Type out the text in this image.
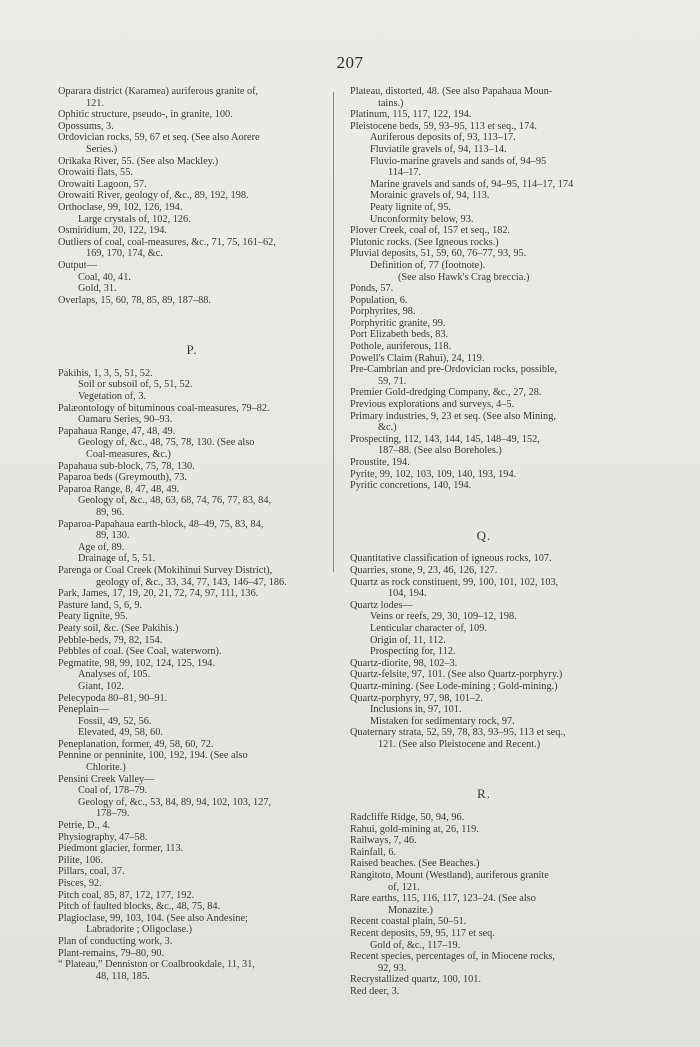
207
Oparara district (Karamea) auriferous granite of,
121.
Ophitic structure, pseudo-, in granite, 100.
Opossums, 3.
Ordovician rocks, 59, 67 et seq. (See also Aorere
Series.)
Orikaka River, 55. (See also Mackley.)
Orowaiti flats, 55.
Orowaiti Lagoon, 57.
Orowaiti River, geology of, &c., 89, 192, 198.
Orthoclase, 99, 102, 126, 194.
Large crystals of, 102, 126.
Osmiridium, 20, 122, 194.
Outliers of coal, coal-measures, &c., 71, 75, 161–62,
169, 170, 174, &c.
Output—
Coal, 40, 41.
Gold, 31.
Overlaps, 15, 60, 78, 85, 89, 187–88.
P.
Pakihis, 1, 3, 5, 51, 52.
Soil or subsoil of, 5, 51, 52.
Vegetation of, 3.
Palæontology of bituminous coal-measures, 79–82.
Oamaru Series, 90–93.
Papahaua Range, 47, 48, 49.
Geology of, &c., 48, 75, 78, 130. (See also
Coal-measures, &c.)
Papahaua sub-block, 75, 78, 130.
Paparoa beds (Greymouth), 73.
Paparoa Range, 8, 47, 48, 49.
Geology of, &c., 48, 63, 68, 74, 76, 77, 83, 84,
89, 96.
Paparoa-Papahaua earth-block, 48–49, 75, 83, 84,
89, 130.
Age of, 89.
Drainage of, 5, 51.
Parenga or Coal Creek (Mokihinui Survey District),
geology of, &c., 33, 34, 77, 143, 146–47, 186.
Park, James, 17, 19, 20, 21, 72, 74, 97, 111, 136.
Pasture land, 5, 6, 9.
Peaty lignite, 95.
Peaty soil, &c. (See Pakihis.)
Pebble-beds, 79, 82, 154.
Pebbles of coal. (See Coal, waterworn).
Pegmatite, 98, 99, 102, 124, 125, 194.
Analyses of, 105.
Giant, 102.
Pelecypoda 80–81, 90–91.
Peneplain—
Fossil, 49, 52, 56.
Elevated, 49, 58, 60.
Peneplanation, former, 49, 58, 60, 72.
Pennine or penninite, 100, 192, 194. (See also
Chlorite.)
Pensini Creek Valley—
Coal of, 178–79.
Geology of, &c., 53, 84, 89, 94, 102, 103, 127,
178–79.
Petrie, D., 4.
Physiography, 47–58.
Piedmont glacier, former, 113.
Pilite, 106.
Pillars, coal, 37.
Pisces, 92.
Pitch coal, 85, 87, 172, 177, 192.
Pitch of faulted blocks, &c., 48, 75, 84.
Plagioclase, 99, 103, 104. (See also Andesine;
Labradorite ; Oligoclase.)
Plan of conducting work, 3.
Plant-remains, 79–80, 90.
“ Plateau,” Denniston or Coalbrookdale, 11, 31,
48, 118, 185.
Plateau, distorted, 48. (See also Papahaua Moun-
tains.)
Platinum, 115, 117, 122, 194.
Pleistocene beds, 59, 93–95, 113 et seq., 174.
Auriferous deposits of, 93, 113–17.
Fluviatile gravels of, 94, 113–14.
Fluvio-marine gravels and sands of, 94–95
114–17.
Marine gravels and sands of, 94–95, 114–17, 174
Morainic gravels of, 94, 113.
Peaty lignite of, 95.
Unconformity below, 93.
Plover Creek, coal of, 157 et seq., 182.
Plutonic rocks. (See Igneous rocks.)
Pluvial deposits, 51, 59, 60, 76–77, 93, 95.
Definition of, 77 (footnote).
(See also Hawk's Crag breccia.)
Ponds, 57.
Population, 6.
Porphyrites, 98.
Porphyritic granite, 99.
Port Elizabeth beds, 83.
Pothole, auriferous, 118.
Powell's Claim (Rahui), 24, 119.
Pre-Cambrian and pre-Ordovician rocks, possible,
59, 71.
Premier Gold-dredging Company, &c., 27, 28.
Previous explorations and surveys, 4–5.
Primary industries, 9, 23 et seq. (See also Mining,
&c.)
Prospecting, 112, 143, 144, 145, 148–49, 152,
187–88. (See also Boreholes.)
Proustite, 194.
Pyrite, 99, 102, 103, 109, 140, 193, 194.
Pyritic concretions, 140, 194.
Q.
Quantitative classification of igneous rocks, 107.
Quarries, stone, 9, 23, 46, 126, 127.
Quartz as rock constituent, 99, 100, 101, 102, 103,
104, 194.
Quartz lodes—
Veins or reefs, 29, 30, 109–12, 198.
Lenticular character of, 109.
Origin of, 11, 112.
Prospecting for, 112.
Quartz-diorite, 98, 102–3.
Quartz-felsite, 97, 101. (See also Quartz-porphyry.)
Quartz-mining. (See Lode-mining ; Gold-mining.)
Quartz-porphyry, 97, 98, 101–2.
Inclusions in, 97, 101.
Mistaken for sedimentary rock, 97.
Quaternary strata, 52, 59, 78, 83, 93–95, 113 et seq.,
121. (See also Pleistocene and Recent.)
R.
Radcliffe Ridge, 50, 94, 96.
Rahui, gold-mining at, 26, 119.
Railways, 7, 46.
Rainfall, 6.
Raised beaches. (See Beaches.)
Rangitoto, Mount (Westland), auriferous granite
of, 121.
Rare earths, 115, 116, 117, 123–24. (See also
Monazite.)
Recent coastal plain, 50–51.
Recent deposits, 59, 95, 117 et seq.
Gold of, &c., 117–19.
Recent species, percentages of, in Miocene rocks,
92, 93.
Recrystallized quartz, 100, 101.
Red deer, 3.
